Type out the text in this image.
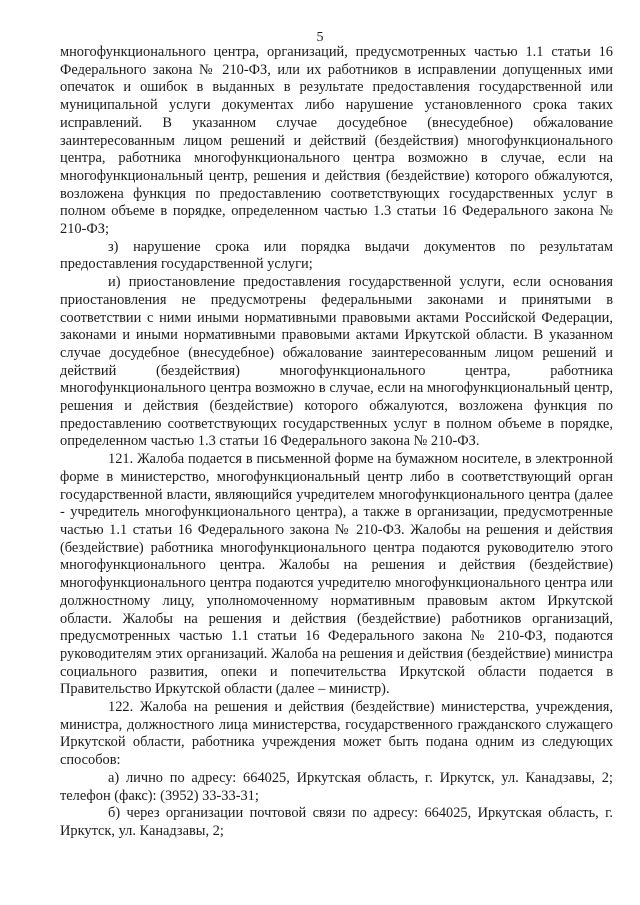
5

многофункционального центра, организаций, предусмотренных частью 1.1 статьи 16 Федерального закона № 210-ФЗ, или их работников в исправлении допущенных ими опечаток и ошибок в выданных в результате предоставления государственной или муниципальной услуги документах либо нарушение установленного срока таких исправлений. В указанном случае досудебное (внесудебное) обжалование заинтересованным лицом решений и действий (бездействия) многофункционального центра, работника многофункционального центра возможно в случае, если на многофункциональный центр, решения и действия (бездействие) которого обжалуются, возложена функция по предоставлению соответствующих государственных услуг в полном объеме в порядке, определенном частью 1.3 статьи 16 Федерального закона № 210-ФЗ;

з) нарушение срока или порядка выдачи документов по результатам предоставления государственной услуги;

и) приостановление предоставления государственной услуги, если основания приостановления не предусмотрены федеральными законами и принятыми в соответствии с ними иными нормативными правовыми актами Российской Федерации, законами и иными нормативными правовыми актами Иркутской области. В указанном случае досудебное (внесудебное) обжалование заинтересованным лицом решений и действий (бездействия) многофункционального центра, работника многофункционального центра возможно в случае, если на многофункциональный центр, решения и действия (бездействие) которого обжалуются, возложена функция по предоставлению соответствующих государственных услуг в полном объеме в порядке, определенном частью 1.3 статьи 16 Федерального закона № 210-ФЗ.

121. Жалоба подается в письменной форме на бумажном носителе, в электронной форме в министерство, многофункциональный центр либо в соответствующий орган государственной власти, являющийся учредителем многофункционального центра (далее - учредитель многофункционального центра), а также в организации, предусмотренные частью 1.1 статьи 16 Федерального закона № 210-ФЗ. Жалобы на решения и действия (бездействие) работника многофункционального центра подаются руководителю этого многофункционального центра. Жалобы на решения и действия (бездействие) многофункционального центра подаются учредителю многофункционального центра или должностному лицу, уполномоченному нормативным правовым актом Иркутской области. Жалобы на решения и действия (бездействие) работников организаций, предусмотренных частью 1.1 статьи 16 Федерального закона № 210-ФЗ, подаются руководителям этих организаций. Жалоба на решения и действия (бездействие) министра социального развития, опеки и попечительства Иркутской области подается в Правительство Иркутской области (далее – министр).

122. Жалоба на решения и действия (бездействие) министерства, учреждения, министра, должностного лица министерства, государственного гражданского служащего Иркутской области, работника учреждения может быть подана одним из следующих способов:

а) лично по адресу: 664025, Иркутская область, г. Иркутск, ул. Канадзавы, 2; телефон (факс): (3952) 33-33-31;

б) через организации почтовой связи по адресу: 664025, Иркутская область, г. Иркутск, ул. Канадзавы, 2;
